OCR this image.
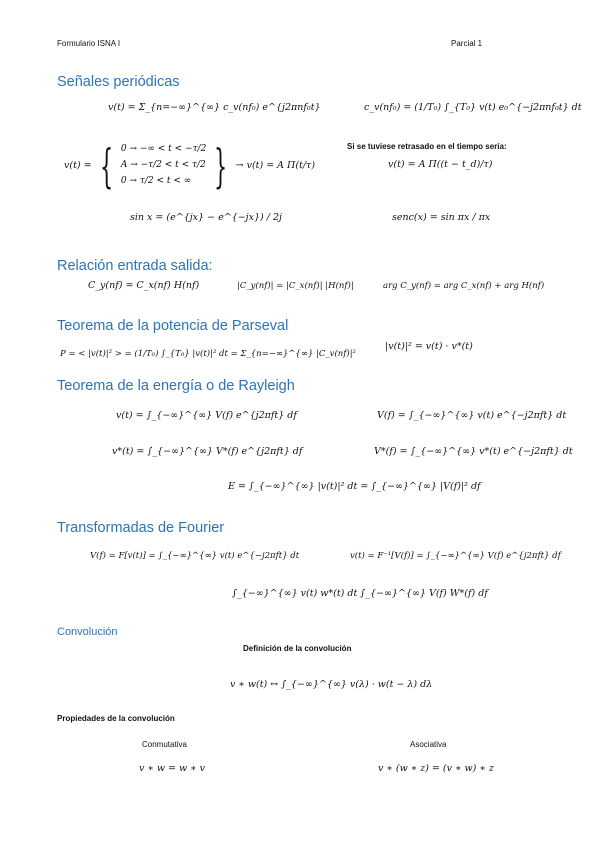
Formulario ISNA I	Parcial 1
Señales periódicas
v(t) = Σ_{n=−∞}^{∞} c_v(nf₀) e^{j2πnf₀t}	c_v(nf₀) = (1/T₀) ∫_{T₀} v(t) e₀^{−j2πnf₀t} dt
v(t) = { 0 → −∞ < t < −τ/2
A → −τ/2 < t < τ/2
0 → τ/2 < t < ∞ } → v(t) = A Π(t/τ)
Si se tuviese retrasado en el tiempo sería:
v(t) = A Π((t − t_d)/τ)
sin x = (e^{jx} − e^{−jx}) / 2j	senc(x) = sin πx / πx
Relación entrada salida:
C_y(nf) = C_x(nf) H(nf)	|C_y(nf)| = |C_x(nf)| |H(nf)|	arg C_y(nf) = arg C_x(nf) + arg H(nf)
Teorema de la potencia de Parseval
P = < |v(t)|² > = (1/T₀) ∫_{T₀} |v(t)|² dt = Σ_{n=−∞}^{∞} |C_v(nf)|²
|v(t)|² = v(t) · v*(t)
Teorema de la energía o de Rayleigh
v(t) = ∫_{−∞}^{∞} V(f) e^{j2πft} df	V(f) = ∫_{−∞}^{∞} v(t) e^{−j2πft} dt
v*(t) = ∫_{−∞}^{∞} V*(f) e^{j2πft} df	V*(f) = ∫_{−∞}^{∞} v*(t) e^{−j2πft} dt
E = ∫_{−∞}^{∞} |v(t)|² dt = ∫_{−∞}^{∞} |V(f)|² df
Transformadas de Fourier
V(f) = F[v(t)] = ∫_{−∞}^{∞} v(t) e^{−j2πft} dt	v(t) = F⁻¹[V(f)] = ∫_{−∞}^{∞} V(f) e^{j2πft} df
∫_{−∞}^{∞} v(t) w*(t) dt ∫_{−∞}^{∞} V(f) W*(f) df
Convolución
Definición de la convolución
v ∗ w(t) ↔ ∫_{−∞}^{∞} v(λ) · w(t − λ) dλ
Propiedades de la convolución
Conmutativa
v ∗ w = w ∗ v
Asociativa
v ∗ (w ∗ z) = (v ∗ w) ∗ z
